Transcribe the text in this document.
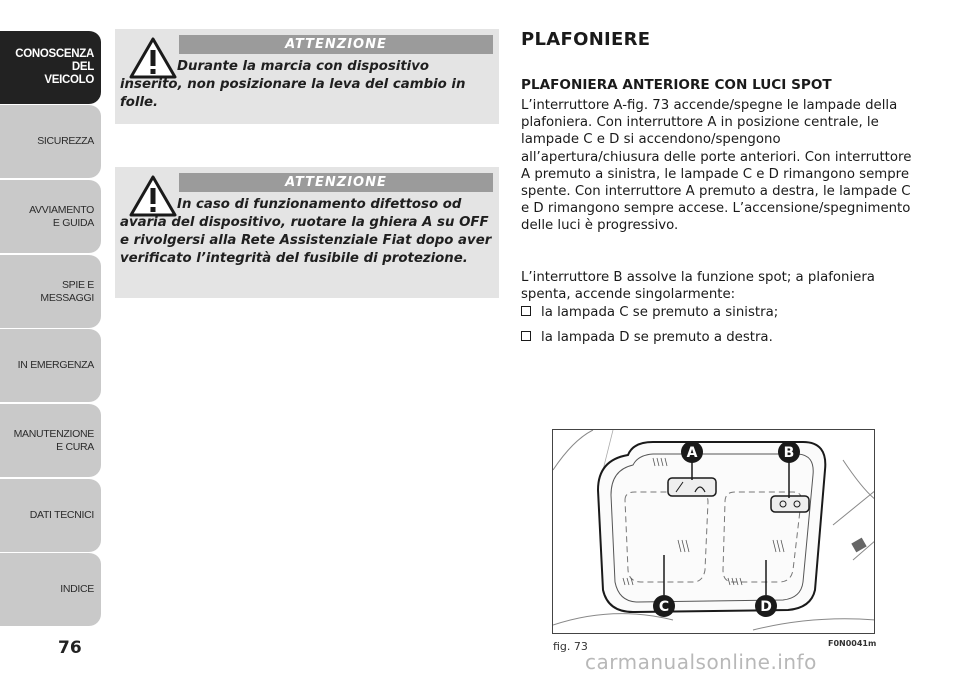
CONOSCENZA
DEL
VEICOLO
SICUREZZA
AVVIAMENTO
E GUIDA
SPIE E
MESSAGGI
IN EMERGENZA
MANUTENZIONE
E CURA
DATI TECNICI
INDICE
76
ATTENZIONE
Durante la marcia con dispositivo inserito, non posizionare la leva del cambio in folle.
ATTENZIONE
In caso di funzionamento difettoso od avaria del dispositivo, ruotare la ghiera A su OFF e rivolgersi alla Rete Assistenziale Fiat dopo aver verificato l’integrità del fusibile di protezione.
PLAFONIERE
PLAFONIERA ANTERIORE CON LUCI SPOT
L’interruttore A-fig. 73 accende/spegne le lampade della plafoniera. Con interruttore A in posizione centrale, le lampade C e D si accendono/spengono all’apertura/chiusura delle porte anteriori. Con interruttore A premuto a sinistra, le lampade C e D rimangono sempre spente. Con interruttore A premuto a destra, le lampade C e D rimangono sempre accese. L’accensione/spegnimento delle luci è progressivo.
L’interruttore B assolve la funzione spot; a plafoniera spenta, accende singolarmente:
la lampada C se premuto a sinistra;
la lampada D se premuto a destra.
A	B
C	D
fig. 73	F0N0041m
carmanualsonline.info
